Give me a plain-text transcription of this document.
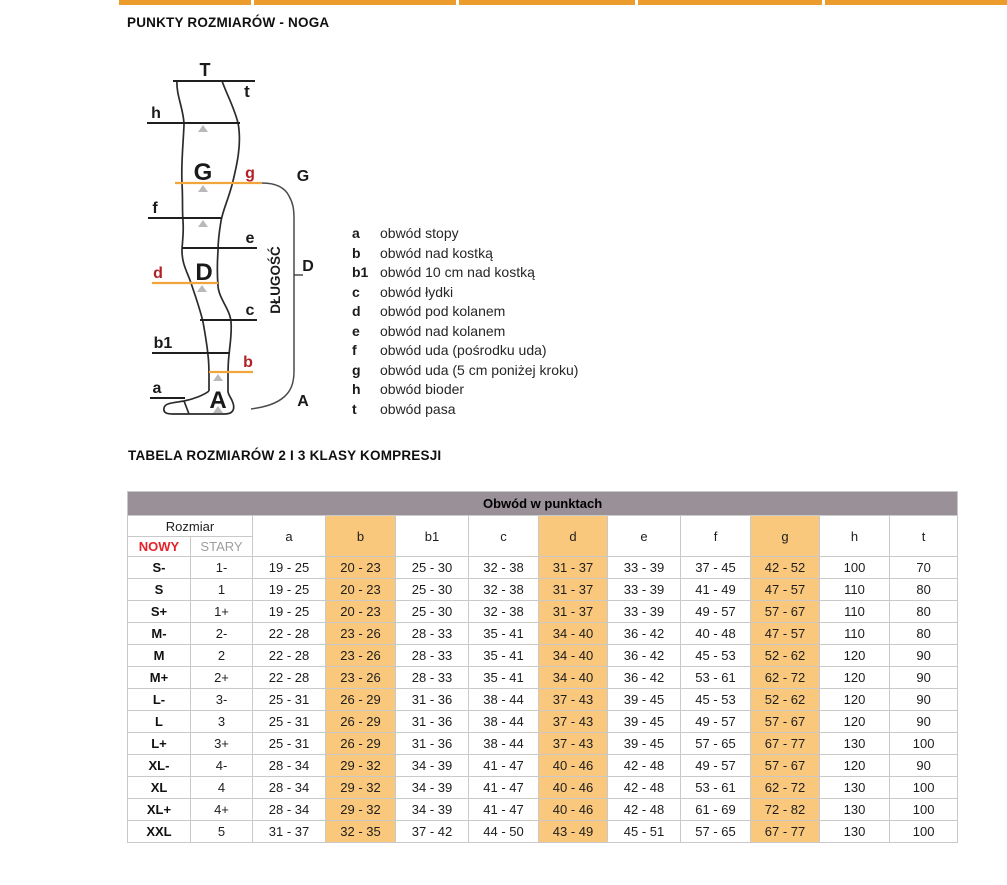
PUNKTY ROZMIARÓW - NOGA
T
t
h
G g
f
e
D
d
c
b1
b
a A
G
D
A
DŁUGOŚĆ
a	obwód stopy
b	obwód nad kostką
b1 obwód 10 cm nad kostką
c	obwód łydki
d	obwód pod kolanem
e	obwód nad kolanem
f	obwód uda (pośrodku uda)
g	obwód uda (5 cm poniżej kroku)
h	obwód bioder
t	obwód pasa
TABELA ROZMIARÓW 2 I 3 KLASY KOMPRESJI
Obwód w punktach											
Rozmiar		a	b	b1	c	d	e	f	g	h	t
NOWY	STARY										
S-	1-	19 - 25	20 - 23	25 - 30	32 - 38	31 - 37	33 - 39	37 - 45	42 - 52	100	70
S	1	19 - 25	20 - 23	25 - 30	32 - 38	31 - 37	33 - 39	41 - 49	47 - 57	110	80
S+	1+	19 - 25	20 - 23	25 - 30	32 - 38	31 - 37	33 - 39	49 - 57	57 - 67	110	80
M-	2-	22 - 28	23 - 26	28 - 33	35 - 41	34 - 40	36 - 42	40 - 48	47 - 57	110	80
M	2	22 - 28	23 - 26	28 - 33	35 - 41	34 - 40	36 - 42	45 - 53	52 - 62	120	90
M+	2+	22 - 28	23 - 26	28 - 33	35 - 41	34 - 40	36 - 42	53 - 61	62 - 72	120	90
L-	3-	25 - 31	26 - 29	31 - 36	38 - 44	37 - 43	39 - 45	45 - 53	52 - 62	120	90
L	3	25 - 31	26 - 29	31 - 36	38 - 44	37 - 43	39 - 45	49 - 57	57 - 67	120	90
L+	3+	25 - 31	26 - 29	31 - 36	38 - 44	37 - 43	39 - 45	57 - 65	67 - 77	130	100
XL-	4-	28 - 34	29 - 32	34 - 39	41 - 47	40 - 46	42 - 48	49 - 57	57 - 67	120	90
XL	4	28 - 34	29 - 32	34 - 39	41 - 47	40 - 46	42 - 48	53 - 61	62 - 72	130	100
XL+	4+	28 - 34	29 - 32	34 - 39	41 - 47	40 - 46	42 - 48	61 - 69	72 - 82	130	100
XXL	5	31 - 37	32 - 35	37 - 42	44 - 50	43 - 49	45 - 51	57 - 65	67 - 77	130	100
